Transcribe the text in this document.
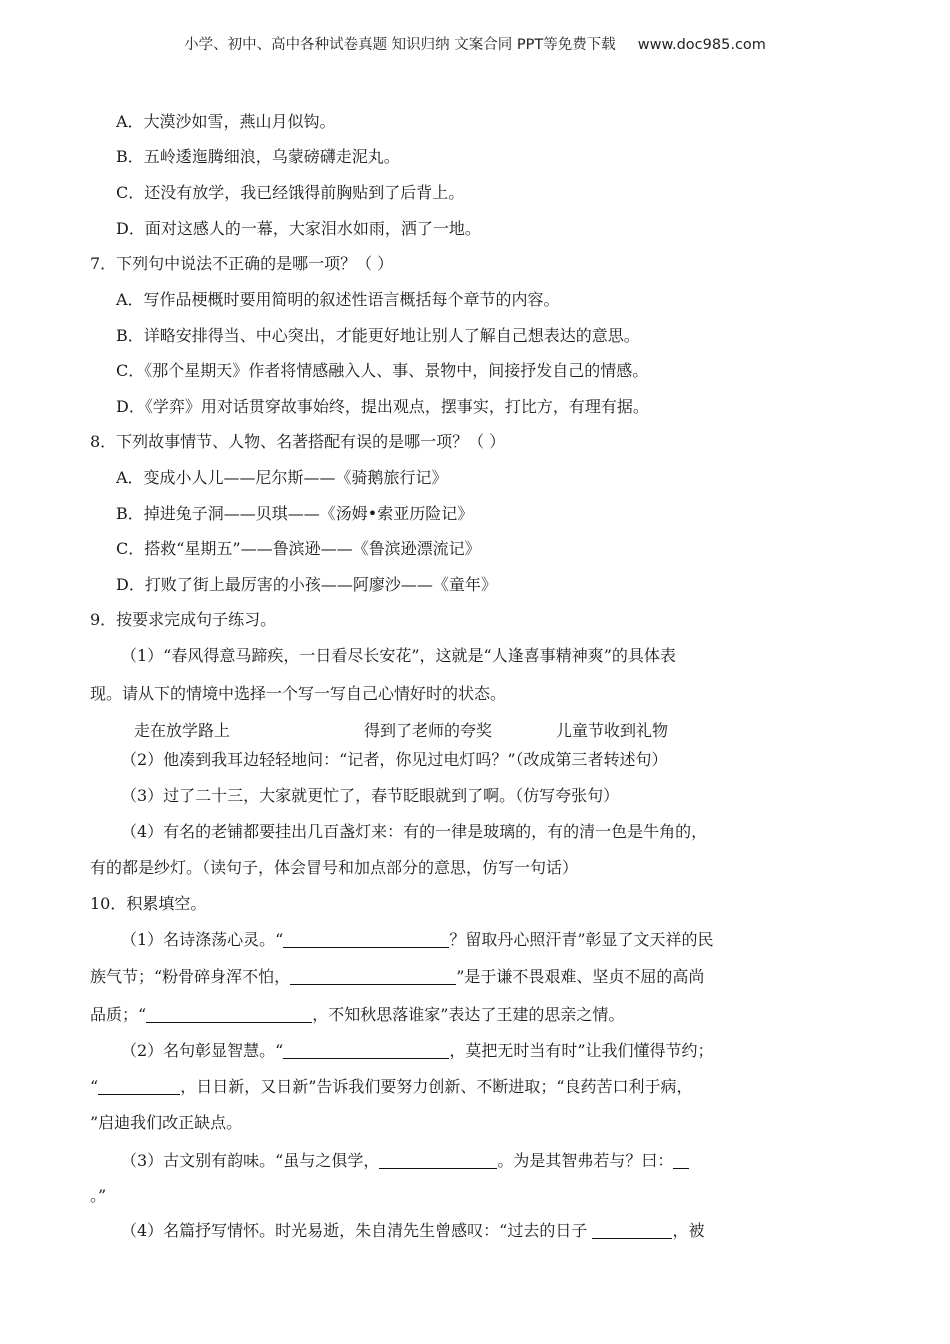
小学、初中、高中各种试卷真题 知识归纳 文案合同 PPT等免费下载 www.doc985.com
A．大漠沙如雪，燕山月似钩。
B．五岭逶迤腾细浪，乌蒙磅礴走泥丸。
C．还没有放学，我已经饿得前胸贴到了后背上。
D．面对这感人的一幕，大家泪水如雨，洒了一地。
7．下列句中说法不正确的是哪一项？（ ）
A．写作品梗概时要用简明的叙述性语言概括每个章节的内容。
B．详略安排得当、中心突出，才能更好地让别人了解自己想表达的意思。
C．《那个星期天》作者将情感融入人、事、景物中，间接抒发自己的情感。
D．《学弈》用对话贯穿故事始终，提出观点，摆事实，打比方，有理有据。
8．下列故事情节、人物、名著搭配有误的是哪一项？（ ）
A．变成小人儿——尼尔斯——《骑鹅旅行记》
B．掉进兔子洞——贝琪——《汤姆•索亚历险记》
C．搭救“星期五”——鲁滨逊——《鲁滨逊漂流记》
D．打败了街上最厉害的小孩——阿廖沙——《童年》
9．按要求完成句子练习。
（1）“春风得意马蹄疾，一日看尽长安花”，这就是“人逢喜事精神爽”的具体表
现。请从下的情境中选择一个写一写自己心情好时的状态。
走在放学路上	得到了老师的夸奖	儿童节收到礼物
（2）他凑到我耳边轻轻地问：“记者，你见过电灯吗？”（改成第三者转述句）
（3）过了二十三，大家就更忙了，春节眨眼就到了啊。（仿写夸张句）
（4）有名的老铺都要挂出几百盏灯来：有的一律是玻璃的，有的清一色是牛角的，
有的都是纱灯。（读句子，体会冒号和加点部分的意思，仿写一句话）
10．积累填空。
（1）名诗涤荡心灵。“	？留取丹心照汗青”彰显了文天祥的民
族气节；“粉骨碎身浑不怕，	”是于谦不畏艰难、坚贞不屈的高尚
品质；“	，不知秋思落谁家”表达了王建的思亲之情。
（2）名句彰显智慧。“	，莫把无时当有时”让我们懂得节约；
“	，日日新，又日新”告诉我们要努力创新、不断进取；“良药苦口利于病，
”启迪我们改正缺点。
（3）古文别有韵味。“虽与之俱学，	。为是其智弗若与？曰：
。”
（4）名篇抒写情怀。时光易逝，朱自清先生曾感叹：“过去的日子	，被
